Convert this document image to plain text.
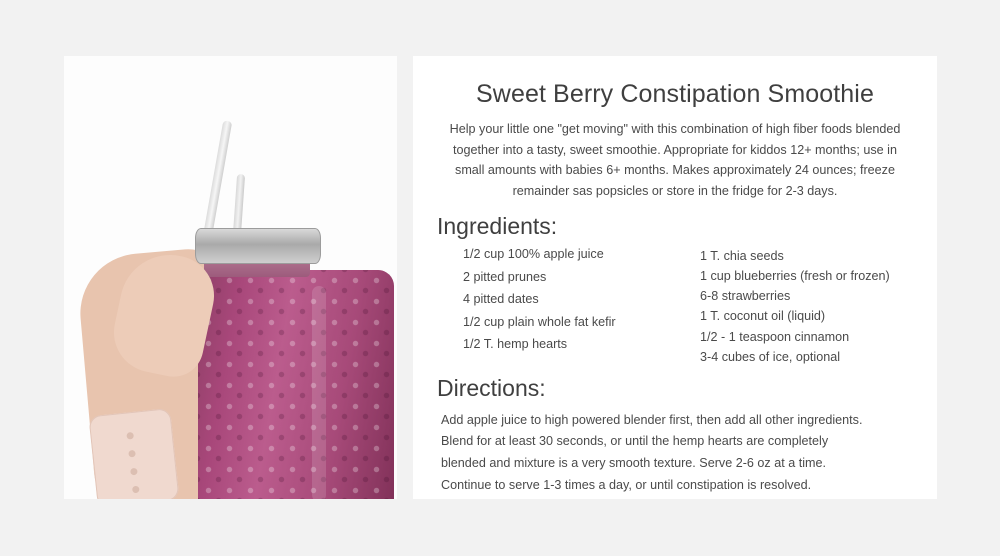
Sweet Berry Constipation Smoothie

Help your little one "get moving" with this combination of high fiber foods blended together into a tasty, sweet smoothie. Appropriate for kiddos 12+ months; use in small amounts with babies 6+ months. Makes approximately 24 ounces; freeze remainder sas popsicles or store in the fridge for 2-3 days.

Ingredients:
1/2 cup 100% apple juice
2 pitted prunes
4 pitted dates
1/2 cup plain whole fat kefir
1/2 T. hemp hearts
1 T. chia seeds
1 cup blueberries (fresh or frozen)
6-8 strawberries
1 T. coconut oil (liquid)
1/2 - 1 teaspoon cinnamon
3-4 cubes of ice, optional
Directions:

Add apple juice to high powered blender first, then add all other ingredients.

Blend for at least 30 seconds, or until the hemp hearts are completely

blended and mixture is a very smooth texture. Serve 2-6 oz at a time.

Continue to serve 1-3 times a day, or until constipation is resolved.
